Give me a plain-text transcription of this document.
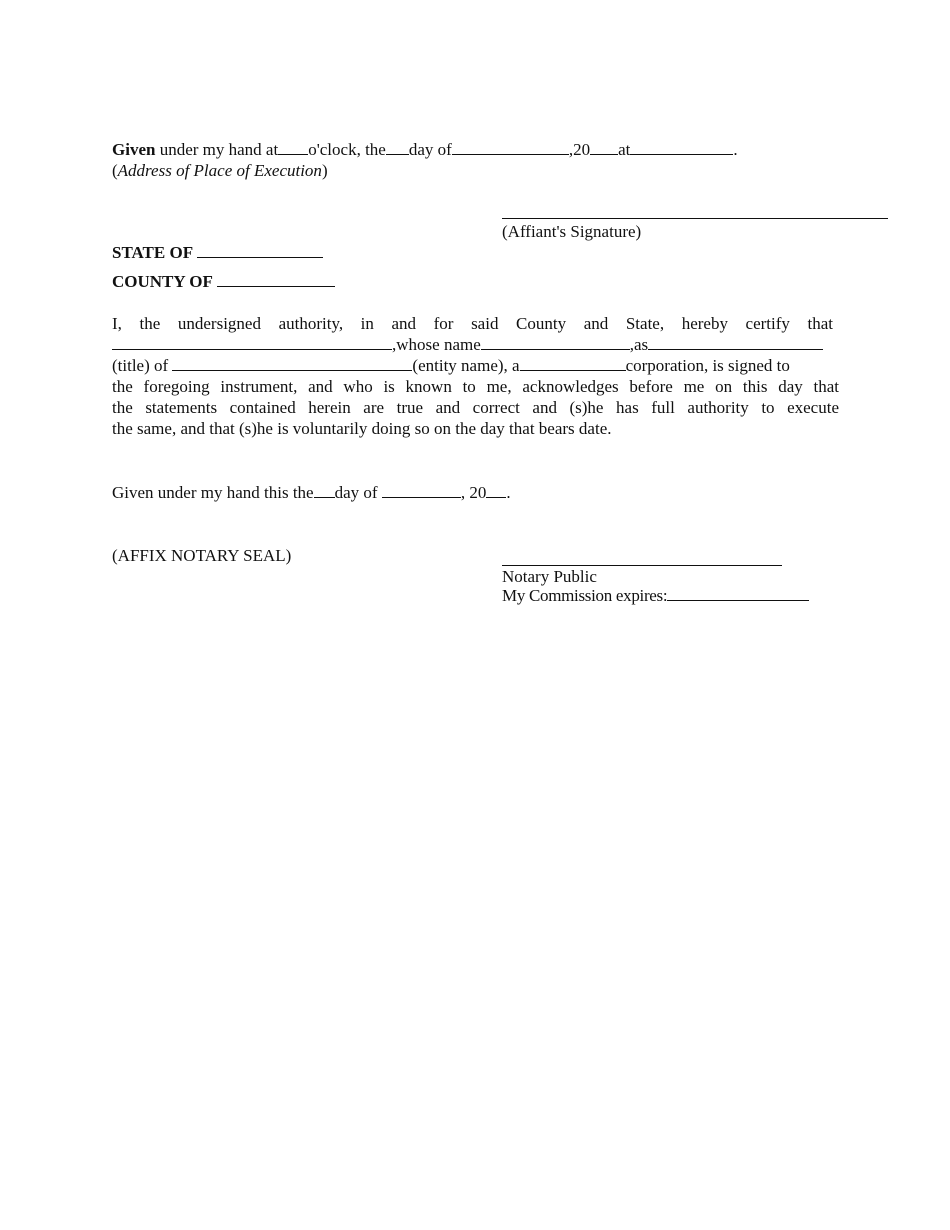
Given under my hand at o'clock, the day of	,20 at	.
(Address of Place of Execution)
(Affiant's Signature)
STATE OF
COUNTY OF
I, the undersigned authority, in and for said County and State, hereby certify that
,whose name	,as
(title) of	(entity name), a	corporation, is signed to
the foregoing instrument, and who is known to me, acknowledges before me on this day that
the statements contained herein are true and correct and (s)he has full authority to execute
the same, and that (s)he is voluntarily doing so on the day that bears date.
Given under my hand this the day of	, 20 .
(AFFIX NOTARY SEAL)
Notary Public
My Commission expires:
